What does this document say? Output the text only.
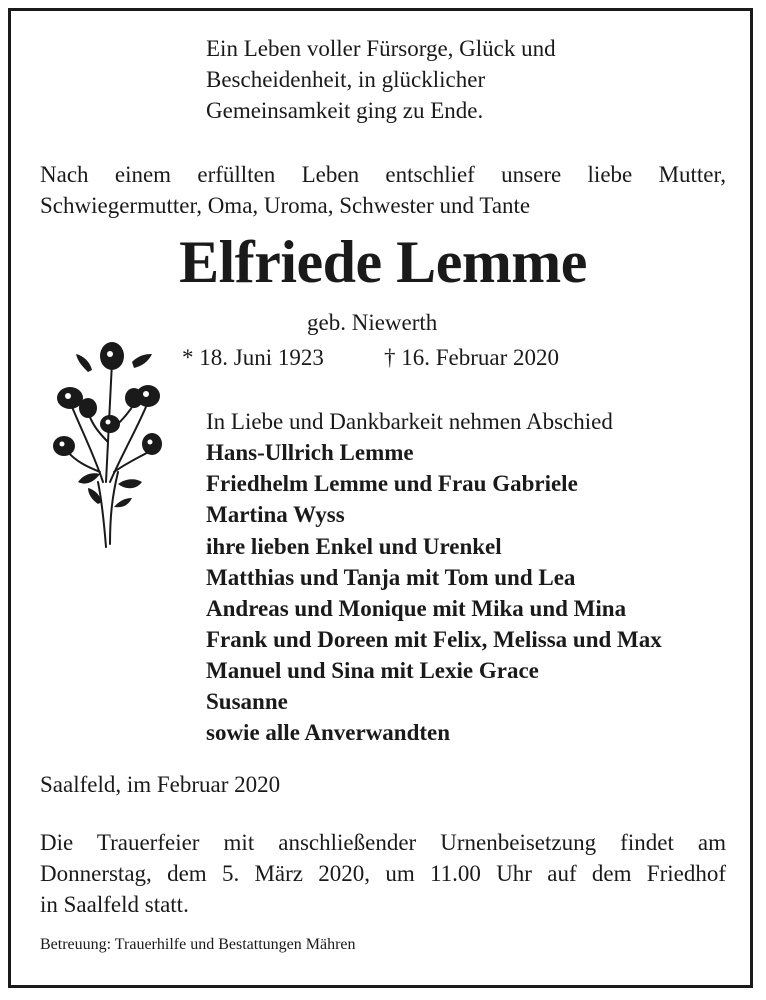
Ein Leben voller Fürsorge, Glück und
Bescheidenheit, in glücklicher
Gemeinsamkeit ging zu Ende.
Nach einem erfüllten Leben entschlief unsere liebe Mutter,
Schwiegermutter, Oma, Uroma, Schwester und Tante
Elfriede Lemme
geb. Niewerth
* 18. Juni 1923	† 16. Februar 2020
In Liebe und Dankbarkeit nehmen Abschied
Hans-Ullrich Lemme
Friedhelm Lemme und Frau Gabriele
Martina Wyss
ihre lieben Enkel und Urenkel
Matthias und Tanja mit Tom und Lea
Andreas und Monique mit Mika und Mina
Frank und Doreen mit Felix, Melissa und Max
Manuel und Sina mit Lexie Grace
Susanne
sowie alle Anverwandten
Saalfeld, im Februar 2020
Die Trauerfeier mit anschließender Urnenbeisetzung findet am
Donnerstag, dem 5. März 2020, um 11.00 Uhr auf dem Friedhof
in Saalfeld statt.
Betreuung: Trauerhilfe und Bestattungen Mähren
